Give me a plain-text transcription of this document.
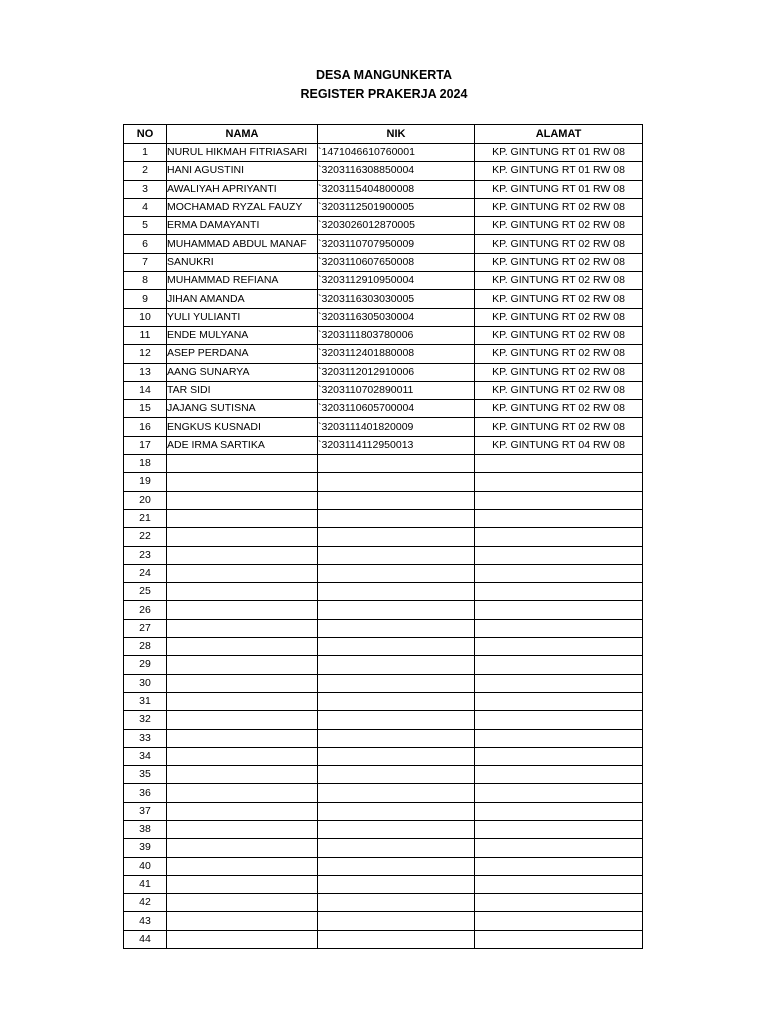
DESA MANGUNKERTA
REGISTER PRAKERJA 2024
NO	NAMA	NIK	ALAMAT
1	NURUL HIKMAH FITRIASARI	`1471046610760001	KP. GINTUNG RT 01 RW 08
2	HANI AGUSTINI	`3203116308850004	KP. GINTUNG RT 01 RW 08
3	AWALIYAH APRIYANTI	`3203115404800008	KP. GINTUNG RT 01 RW 08
4	MOCHAMAD RYZAL FAUZY	`3203112501900005	KP. GINTUNG RT 02 RW 08
5	ERMA DAMAYANTI	`3203026012870005	KP. GINTUNG RT 02 RW 08
6	MUHAMMAD ABDUL MANAF	`3203110707950009	KP. GINTUNG RT 02 RW 08
7	SANUKRI	`3203110607650008	KP. GINTUNG RT 02 RW 08
8	MUHAMMAD REFIANA	`3203112910950004	KP. GINTUNG RT 02 RW 08
9	JIHAN AMANDA	`3203116303030005	KP. GINTUNG RT 02 RW 08
10	YULI YULIANTI	`3203116305030004	KP. GINTUNG RT 02 RW 08
11	ENDE MULYANA	`3203111803780006	KP. GINTUNG RT 02 RW 08
12	ASEP PERDANA	`3203112401880008	KP. GINTUNG RT 02 RW 08
13	AANG SUNARYA	`3203112012910006	KP. GINTUNG RT 02 RW 08
14	TAR SIDI	`3203110702890011	KP. GINTUNG RT 02 RW 08
15	JAJANG SUTISNA	`3203110605700004	KP. GINTUNG RT 02 RW 08
16	ENGKUS KUSNADI	`3203111401820009	KP. GINTUNG RT 02 RW 08
17	ADE IRMA SARTIKA	`3203114112950013	KP. GINTUNG RT 04 RW 08
18			
19			
20			
21			
22			
23			
24			
25			
26			
27			
28			
29			
30			
31			
32			
33			
34			
35			
36			
37			
38			
39			
40			
41			
42			
43			
44			
